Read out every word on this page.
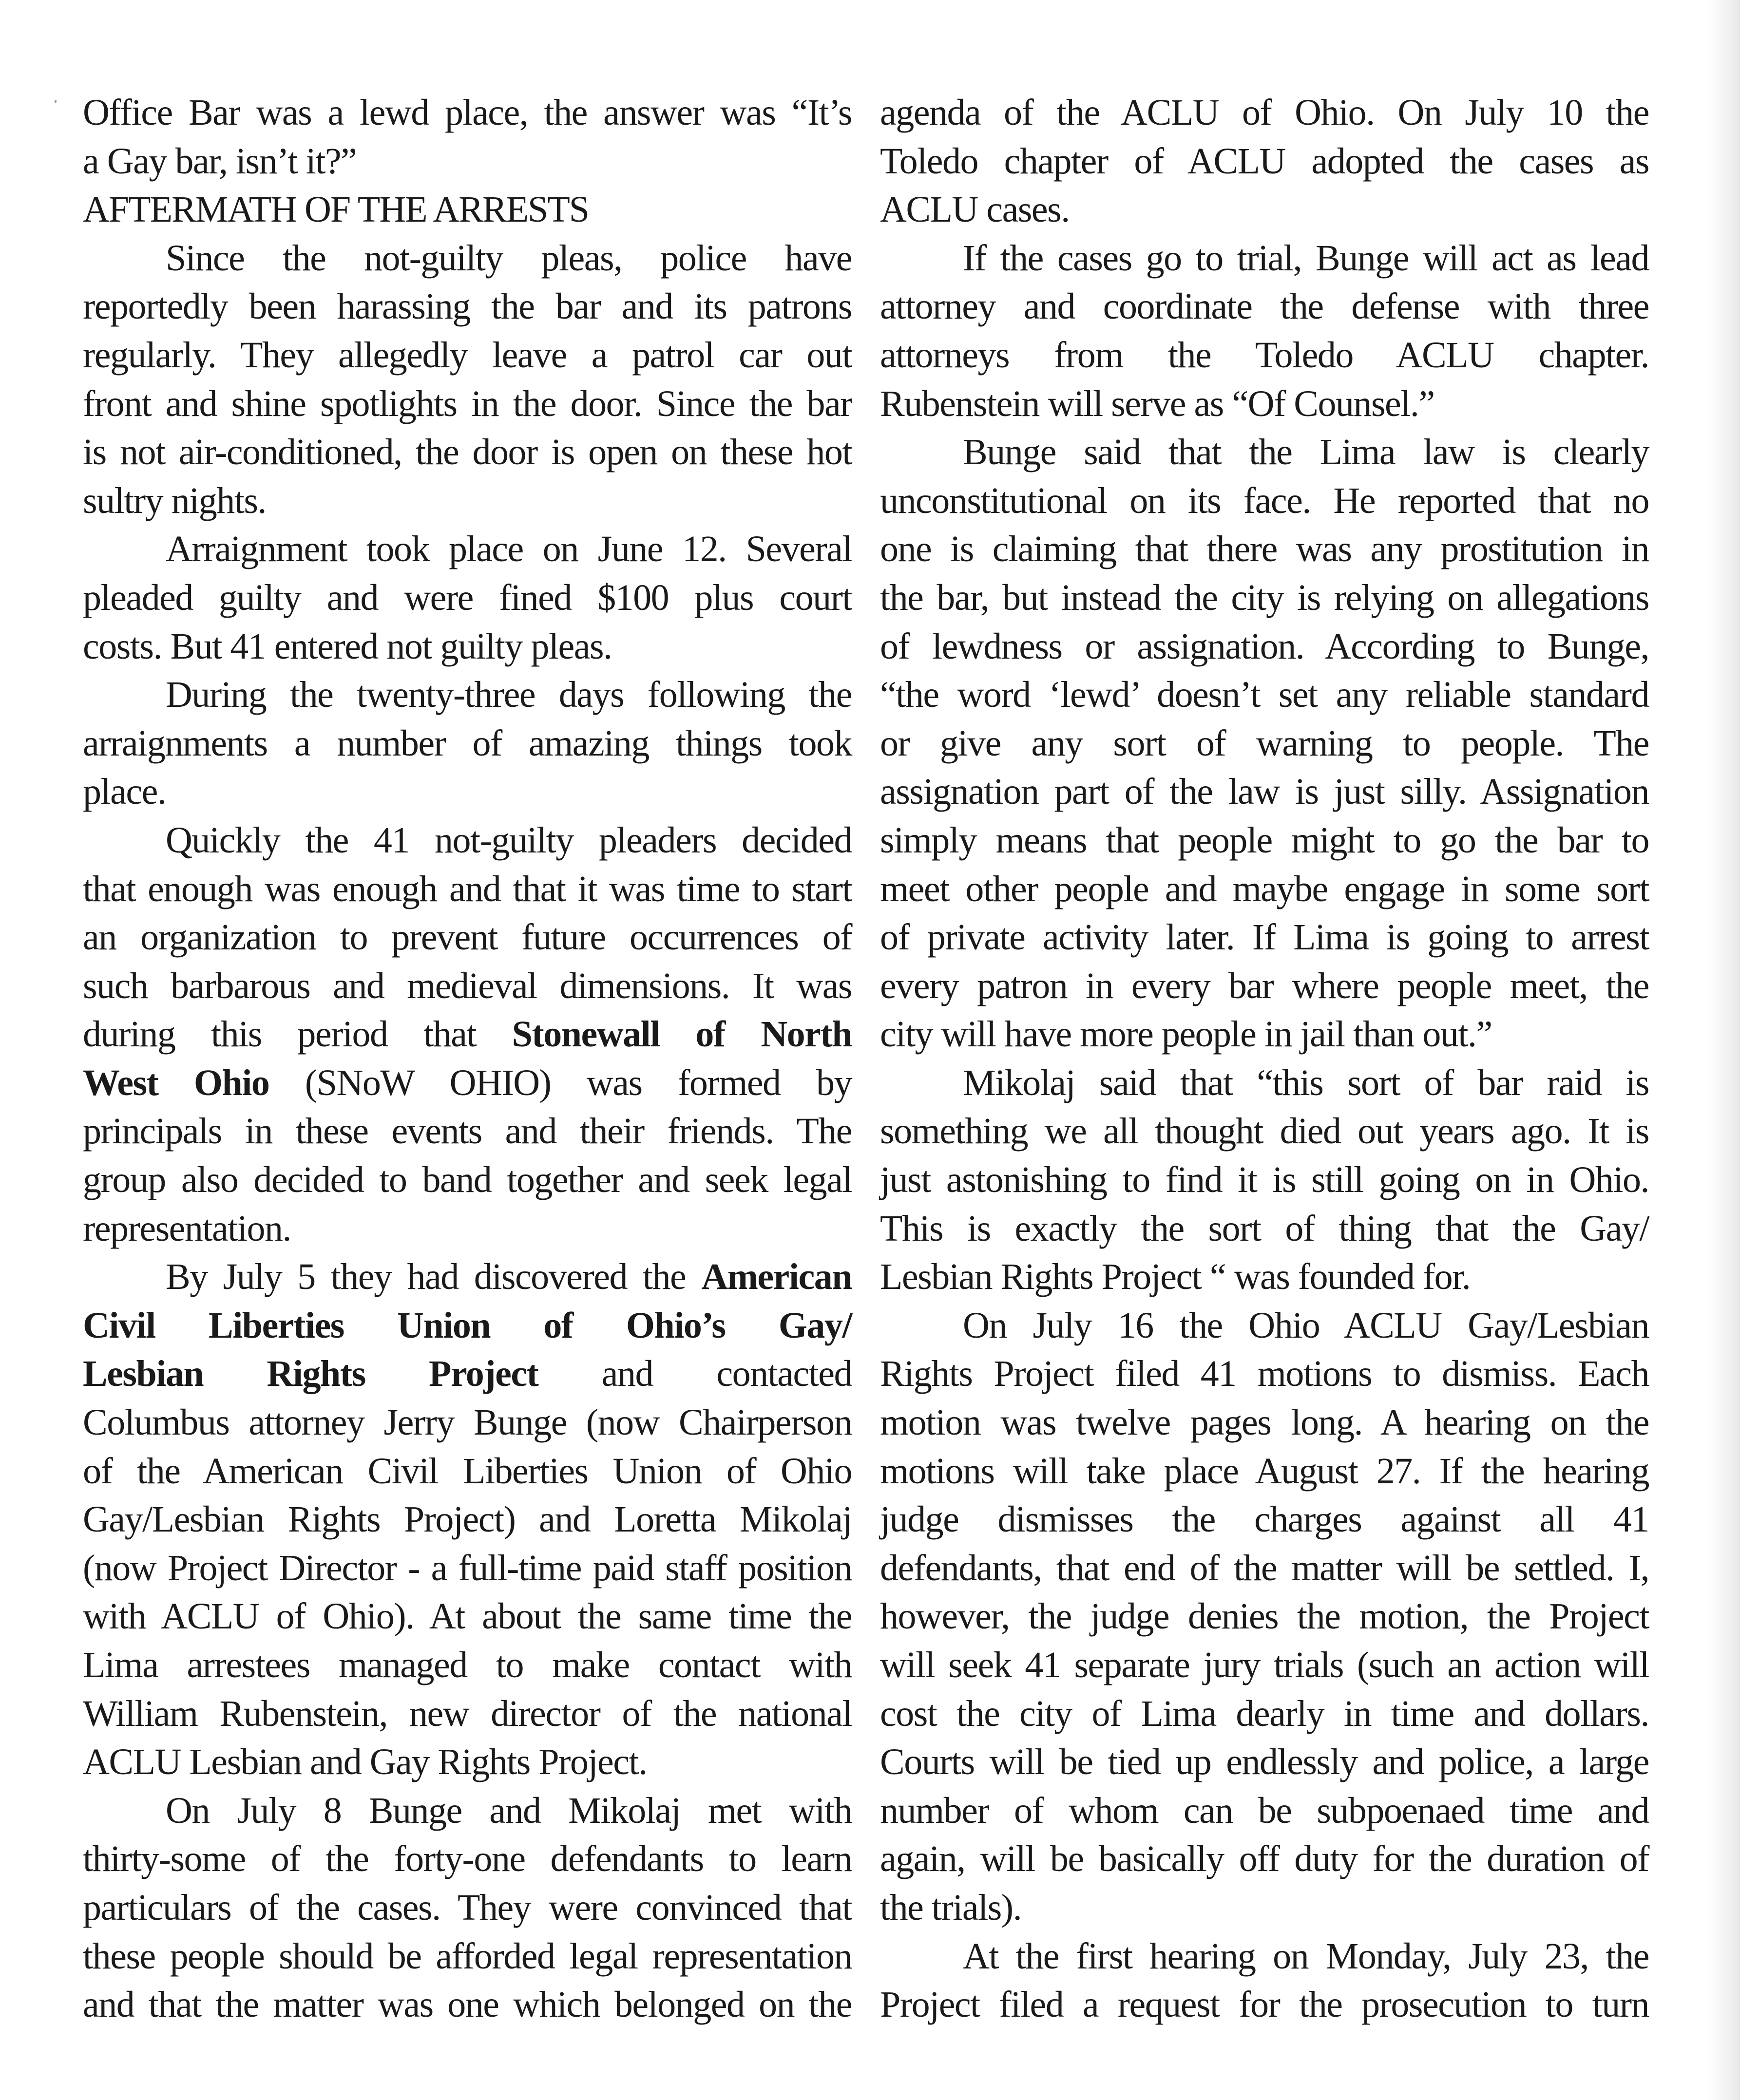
Office Bar was a lewd place, the answer was “It’s
a Gay bar, isn’t it?”
AFTERMATH OF THE ARRESTS
Since the not-guilty pleas, police have
reportedly been harassing the bar and its patrons
regularly. They allegedly leave a patrol car out
front and shine spotlights in the door. Since the bar
is not air-conditioned, the door is open on these hot
sultry nights.
Arraignment took place on June 12. Several
pleaded guilty and were fined $100 plus court
costs. But 41 entered not guilty pleas.
During the twenty-three days following the
arraignments a number of amazing things took
place.
Quickly the 41 not-guilty pleaders decided
that enough was enough and that it was time to start
an organization to prevent future occurrences of
such barbarous and medieval dimensions. It was
during this period that Stonewall of North
West Ohio (SNoW OHIO) was formed by
principals in these events and their friends. The
group also decided to band together and seek legal
representation.
By July 5 they had discovered the American
Civil Liberties Union of Ohio’s Gay/
Lesbian Rights Project and contacted
Columbus attorney Jerry Bunge (now Chairperson
of the American Civil Liberties Union of Ohio
Gay/Lesbian Rights Project) and Loretta Mikolaj
(now Project Director - a full-time paid staff position
with ACLU of Ohio). At about the same time the
Lima arrestees managed to make contact with
William Rubenstein, new director of the national
ACLU Lesbian and Gay Rights Project.
On July 8 Bunge and Mikolaj met with
thirty-some of the forty-one defendants to learn
particulars of the cases. They were convinced that
these people should be afforded legal representation
and that the matter was one which belonged on the
agenda of the ACLU of Ohio. On July 10 the
Toledo chapter of ACLU adopted the cases as
ACLU cases.
If the cases go to trial, Bunge will act as lead
attorney and coordinate the defense with three
attorneys from the Toledo ACLU chapter.
Rubenstein will serve as “Of Counsel.”
Bunge said that the Lima law is clearly
unconstitutional on its face. He reported that no
one is claiming that there was any prostitution in
the bar, but instead the city is relying on allegations
of lewdness or assignation. According to Bunge,
“the word ‘lewd’ doesn’t set any reliable standard
or give any sort of warning to people. The
assignation part of the law is just silly. Assignation
simply means that people might to go the bar to
meet other people and maybe engage in some sort
of private activity later. If Lima is going to arrest
every patron in every bar where people meet, the
city will have more people in jail than out.”
Mikolaj said that “this sort of bar raid is
something we all thought died out years ago. It is
just astonishing to find it is still going on in Ohio.
This is exactly the sort of thing that the Gay/
Lesbian Rights Project “ was founded for.
On July 16 the Ohio ACLU Gay/Lesbian
Rights Project filed 41 motions to dismiss. Each
motion was twelve pages long. A hearing on the
motions will take place August 27. If the hearing
judge dismisses the charges against all 41
defendants, that end of the matter will be settled. I,
however, the judge denies the motion, the Project
will seek 41 separate jury trials (such an action will
cost the city of Lima dearly in time and dollars.
Courts will be tied up endlessly and police, a large
number of whom can be subpoenaed time and
again, will be basically off duty for the duration of
the trials).
At the first hearing on Monday, July 23, the
Project filed a request for the prosecution to turn
